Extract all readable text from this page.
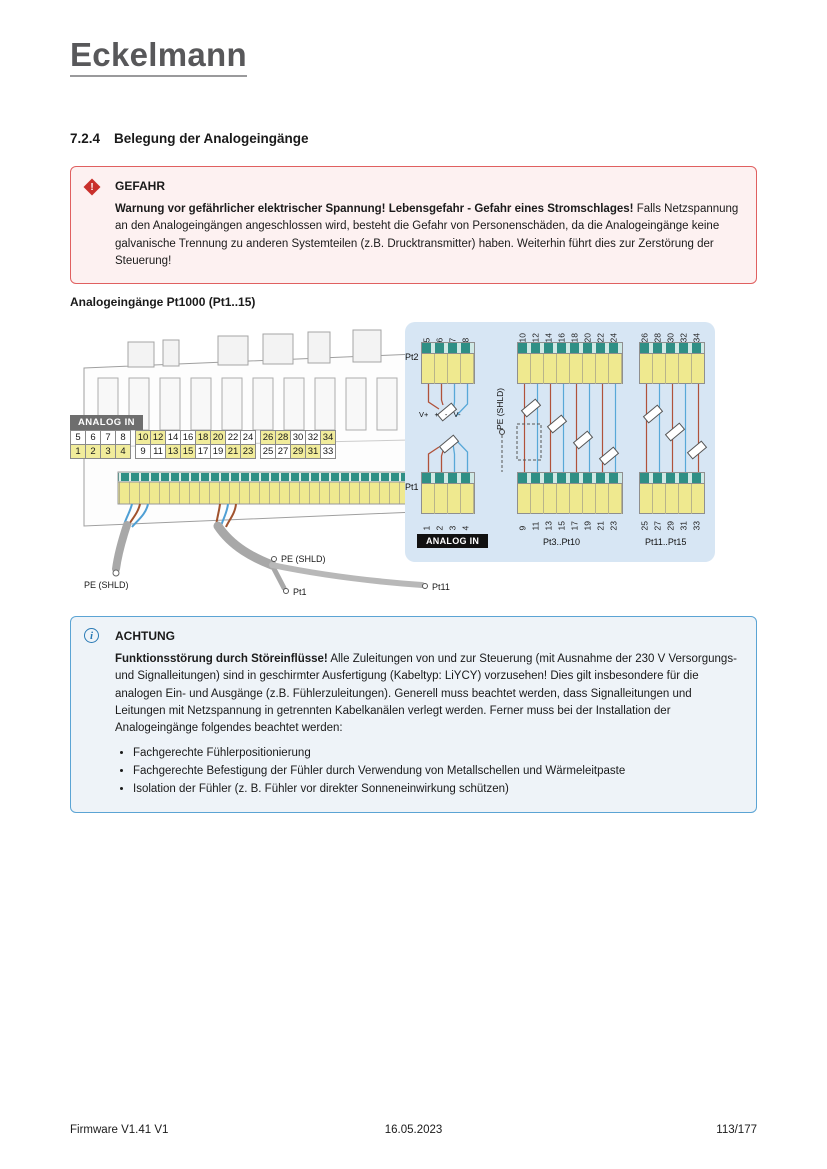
Eckelmann
7.2.4 Belegung der Analogeingänge
!	GEFAHR

Warnung vor gefährlicher elektrischer Spannung! Lebensgefahr - Gefahr eines Stromschlages! Falls Netzspannung an den Analogeingängen angeschlossen wird, besteht die Gefahr von Personenschäden, da die Analogeingänge keine galvanische Trennung zu anderen Systemteilen (z.B. Drucktransmitter) haben. Weiterhin führt dies zur Zerstörung der Steuerung!

Analogeingänge Pt1000 (Pt1..15)
PE (SHLD)
PE (SHLD)
Pt1	Pt11
ANALOG IN
5	6	7	8	10 12 14 16 18 20 22 24 26 28 30 32 34
1	2	3	4	9 11 13 15 17 19 21 23 25 27 29 31 33
5 6 7 8	10 12 14 16 18 20 22 24 26 28 30 32 34
1 2 3 4	9 11 13 15 17 19 21 23 25 27 29 31 33
Pt2
Pt1
V+ + - V-	PE (SHLD)
ANALOG IN	Pt3..Pt10	Pt11..Pt15
i ACHTUNG

Funktionsstörung durch Störeinflüsse! Alle Zuleitungen von und zur Steuerung (mit Ausnahme der 230 V Versorgungs- und Signalleitungen) sind in geschirmter Ausfertigung (Kabeltyp: LiYCY) vorzusehen! Dies gilt insbesondere für die analogen Ein- und Ausgänge (z.B. Fühlerzuleitungen). Generell muss beachtet werden, dass Signalleitungen und Leitungen mit Netzspannung in getrennten Kabelkanälen verlegt werden. Ferner muss bei der Installation der Analogeingänge folgendes beachtet werden:

• Fachgerechte Fühlerpositionierung
• Fachgerechte Befestigung der Fühler durch Verwendung von Metallschellen und Wärmeleitpaste
• Isolation der Fühler (z. B. Fühler vor direkter Sonneneinwirkung schützen)
Firmware V1.41 V1	16.05.2023	113/177
